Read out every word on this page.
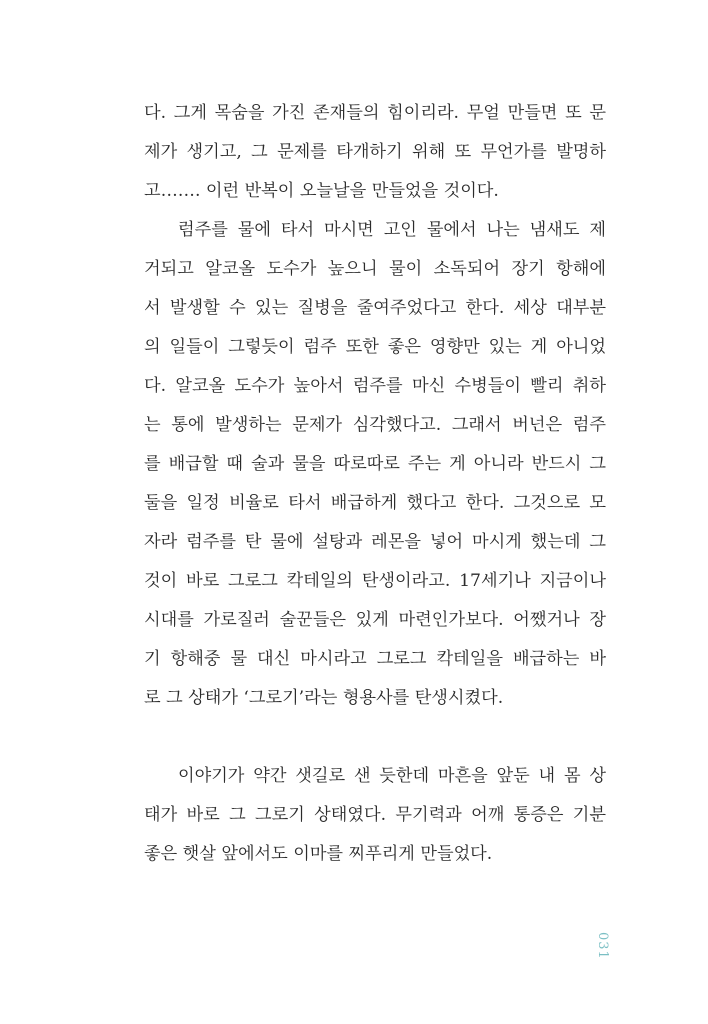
다. 그게 목숨을 가진 존재들의 힘이리라. 무얼 만들면 또 문
제가 생기고, 그 문제를 타개하기 위해 또 무언가를 발명하
고……. 이런 반복이 오늘날을 만들었을 것이다.
럼주를 물에 타서 마시면 고인 물에서 나는 냄새도 제
거되고 알코올 도수가 높으니 물이 소독되어 장기 항해에
서 발생할 수 있는 질병을 줄여주었다고 한다. 세상 대부분
의 일들이 그렇듯이 럼주 또한 좋은 영향만 있는 게 아니었
다. 알코올 도수가 높아서 럼주를 마신 수병들이 빨리 취하
는 통에 발생하는 문제가 심각했다고. 그래서 버넌은 럼주
를 배급할 때 술과 물을 따로따로 주는 게 아니라 반드시 그
둘을 일정 비율로 타서 배급하게 했다고 한다. 그것으로 모
자라 럼주를 탄 물에 설탕과 레몬을 넣어 마시게 했는데 그
것이 바로 그로그 칵테일의 탄생이라고. 17세기나 지금이나
시대를 가로질러 술꾼들은 있게 마련인가보다. 어쨌거나 장
기 항해중 물 대신 마시라고 그로그 칵테일을 배급하는 바
로 그 상태가 ‘그로기’라는 형용사를 탄생시켰다.
이야기가 약간 샛길로 샌 듯한데 마흔을 앞둔 내 몸 상
태가 바로 그 그로기 상태였다. 무기력과 어깨 통증은 기분
좋은 햇살 앞에서도 이마를 찌푸리게 만들었다.
031
